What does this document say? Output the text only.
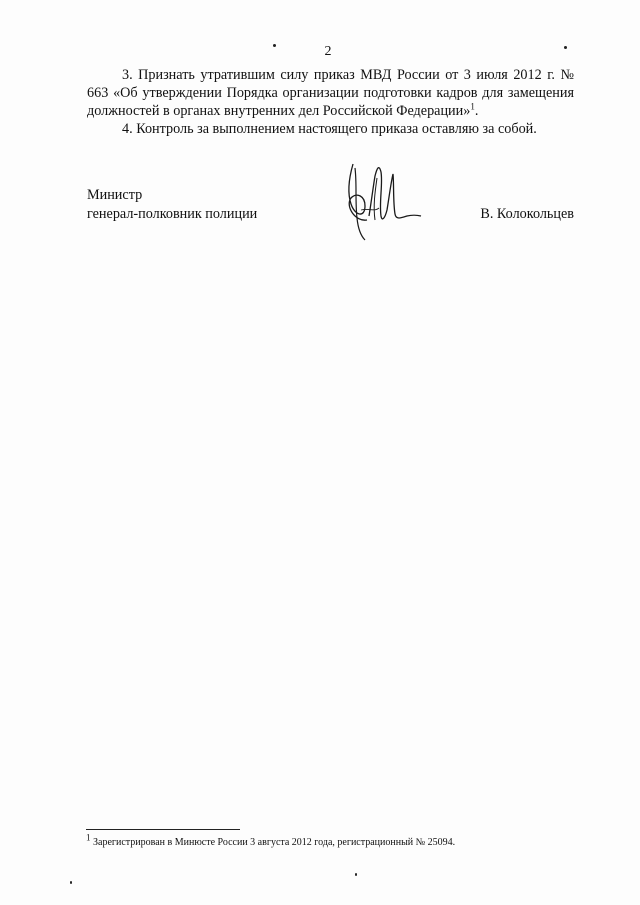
2

3. Признать утратившим силу приказ МВД России от 3 июля 2012 г. № 663 «Об утверждении Порядка организации подготовки кадров для замещения должностей в органах внутренних дел Российской Федерации»$^1$.

4. Контроль за выполнением настоящего приказа оставляю за собой.

Министр
генерал-полковник полиции	В. Колокольцев
$^1$ Зарегистрирован в Минюсте России 3 августа 2012 года, регистрационный № 25094.
